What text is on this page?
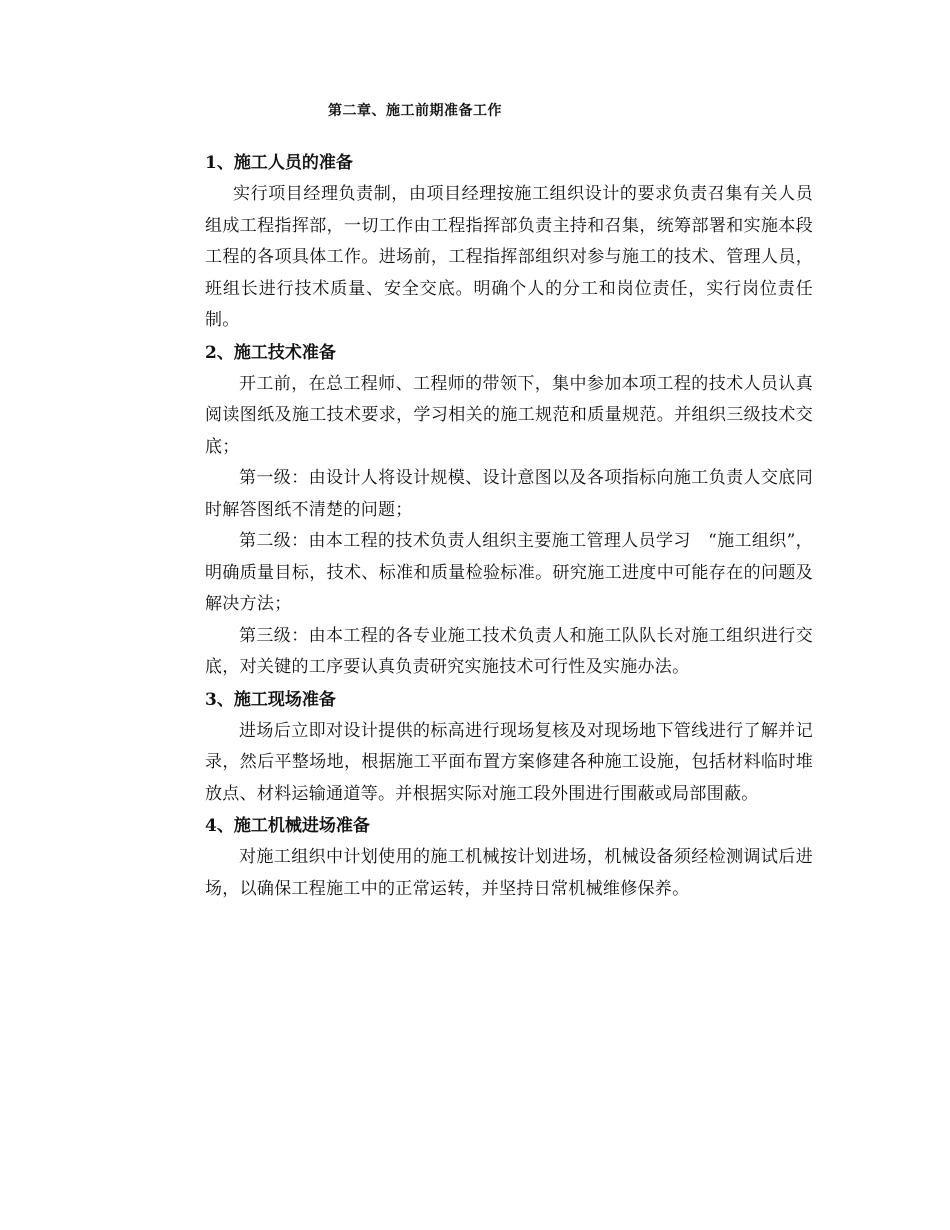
第二章、施工前期准备工作
1、施工人员的准备

实行项目经理负责制，由项目经理按施工组织设计的要求负责召集有关人员组成工程指挥部，一切工作由工程指挥部负责主持和召集，统筹部署和实施本段工程的各项具体工作。进场前，工程指挥部组织对参与施工的技术、管理人员，班组长进行技术质量、安全交底。明确个人的分工和岗位责任，实行岗位责任制。

2、施工技术准备

开工前，在总工程师、工程师的带领下，集中参加本项工程的技术人员认真阅读图纸及施工技术要求，学习相关的施工规范和质量规范。并组织三级技术交底；

第一级：由设计人将设计规模、设计意图以及各项指标向施工负责人交底同时解答图纸不清楚的问题；

第二级：由本工程的技术负责人组织主要施工管理人员学习　“施工组织”，明确质量目标，技术、标准和质量检验标准。研究施工进度中可能存在的问题及解决方法；

第三级：由本工程的各专业施工技术负责人和施工队队长对施工组织进行交底，对关键的工序要认真负责研究实施技术可行性及实施办法。

3、施工现场准备

进场后立即对设计提供的标高进行现场复核及对现场地下管线进行了解并记录，然后平整场地，根据施工平面布置方案修建各种施工设施，包括材料临时堆放点、材料运输通道等。并根据实际对施工段外围进行围蔽或局部围蔽。

4、施工机械进场准备

对施工组织中计划使用的施工机械按计划进场，机械设备须经检测调试后进场，以确保工程施工中的正常运转，并坚持日常机械维修保养。
